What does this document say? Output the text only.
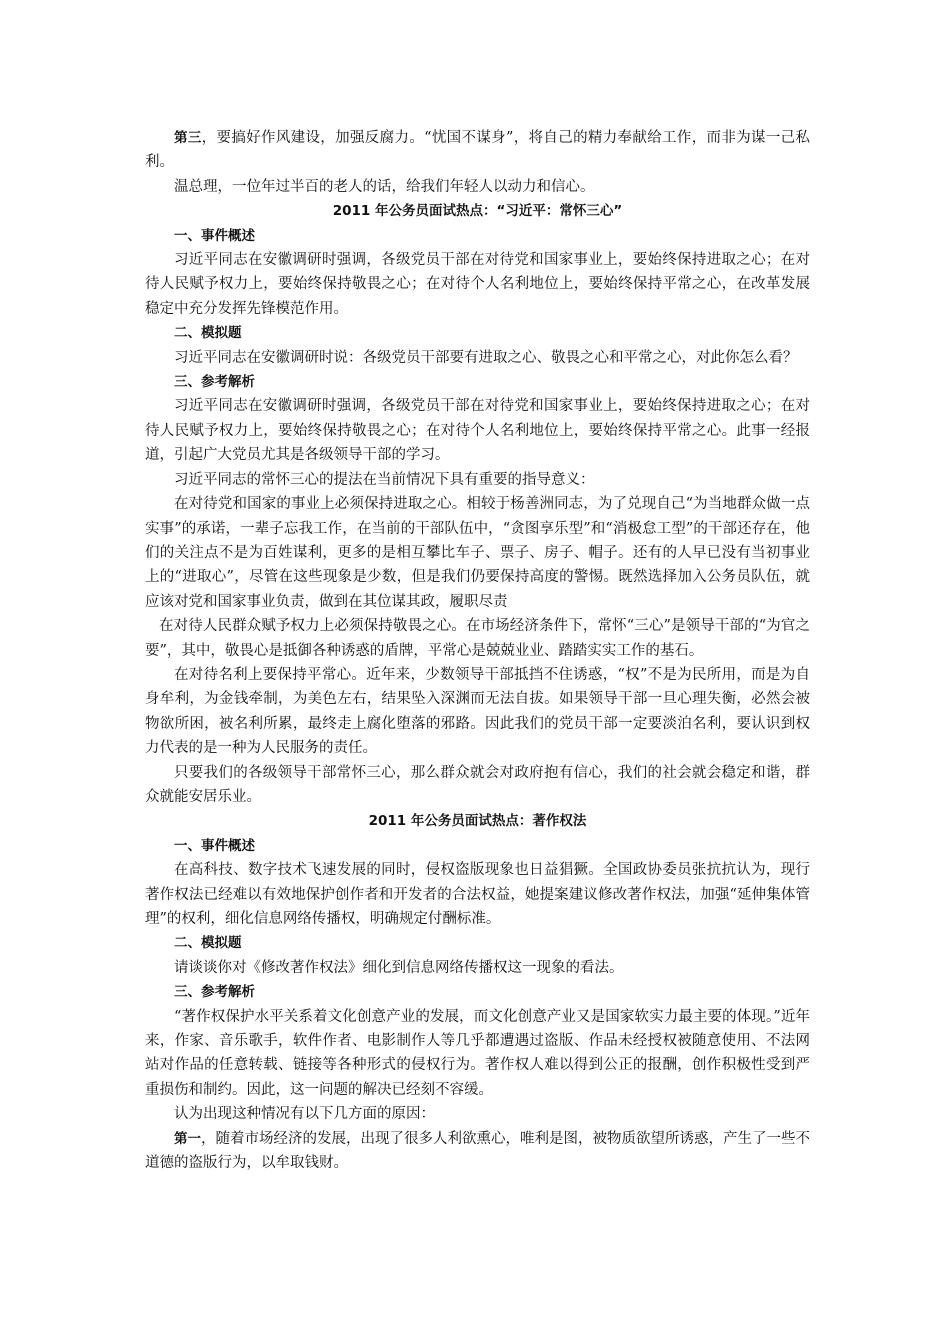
第三，要搞好作风建设，加强反腐力。“忧国不谋身”，将自己的精力奉献给工作，而非为谋一己私利。

温总理，一位年过半百的老人的话，给我们年轻人以动力和信心。

2011 年公务员面试热点：“习近平：常怀三心”

一、事件概述

习近平同志在安徽调研时强调，各级党员干部在对待党和国家事业上，要始终保持进取之心；在对待人民赋予权力上，要始终保持敬畏之心；在对待个人名利地位上，要始终保持平常之心，在改革发展稳定中充分发挥先锋模范作用。

二、模拟题

习近平同志在安徽调研时说：各级党员干部要有进取之心、敬畏之心和平常之心，对此你怎么看？

三、参考解析

习近平同志在安徽调研时强调，各级党员干部在对待党和国家事业上，要始终保持进取之心；在对待人民赋予权力上，要始终保持敬畏之心；在对待个人名利地位上，要始终保持平常之心。此事一经报道，引起广大党员尤其是各级领导干部的学习。

习近平同志的常怀三心的提法在当前情况下具有重要的指导意义：

在对待党和国家的事业上必须保持进取之心。相较于杨善洲同志，为了兑现自己“为当地群众做一点实事”的承诺，一辈子忘我工作，在当前的干部队伍中，“贪图享乐型”和“消极怠工型”的干部还存在，他们的关注点不是为百姓谋利，更多的是相互攀比车子、票子、房子、帽子。还有的人早已没有当初事业上的“进取心”，尽管在这些现象是少数，但是我们仍要保持高度的警惕。既然选择加入公务员队伍，就应该对党和国家事业负责，做到在其位谋其政，履职尽责

在对待人民群众赋予权力上必须保持敬畏之心。在市场经济条件下，常怀“三心”是领导干部的“为官之要”，其中，敬畏心是抵御各种诱惑的盾牌，平常心是兢兢业业、踏踏实实工作的基石。

在对待名利上要保持平常心。近年来，少数领导干部抵挡不住诱惑，“权”不是为民所用，而是为自身牟利，为金钱牵制，为美色左右，结果坠入深渊而无法自拔。如果领导干部一旦心理失衡，必然会被物欲所困，被名利所累，最终走上腐化堕落的邪路。因此我们的党员干部一定要淡泊名利，要认识到权力代表的是一种为人民服务的责任。

只要我们的各级领导干部常怀三心，那么群众就会对政府抱有信心，我们的社会就会稳定和谐，群众就能安居乐业。

2011 年公务员面试热点：著作权法

一、事件概述

在高科技、数字技术飞速发展的同时，侵权盗版现象也日益猖獗。全国政协委员张抗抗认为，现行著作权法已经难以有效地保护创作者和开发者的合法权益，她提案建议修改著作权法，加强“延伸集体管理”的权利，细化信息网络传播权，明确规定付酬标准。

二、模拟题

请谈谈你对《修改著作权法》细化到信息网络传播权这一现象的看法。

三、参考解析

“著作权保护水平关系着文化创意产业的发展，而文化创意产业又是国家软实力最主要的体现。”近年来，作家、音乐歌手，软件作者、电影制作人等几乎都遭遇过盗版、作品未经授权被随意使用、不法网站对作品的任意转载、链接等各种形式的侵权行为。著作权人难以得到公正的报酬，创作积极性受到严重损伤和制约。因此，这一问题的解决已经刻不容缓。

认为出现这种情况有以下几方面的原因：

第一，随着市场经济的发展，出现了很多人利欲熏心，唯利是图，被物质欲望所诱惑，产生了一些不道德的盗版行为，以牟取钱财。
